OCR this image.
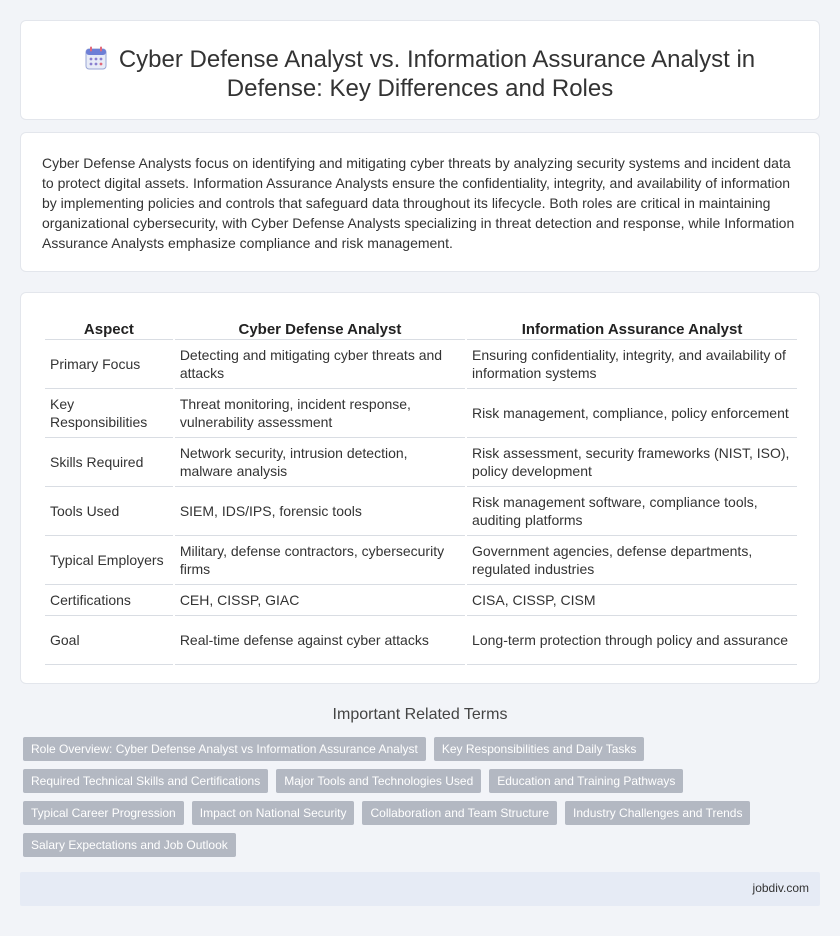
Cyber Defense Analyst vs. Information Assurance Analyst in
Defense: Key Differences and Roles

Cyber Defense Analysts focus on identifying and mitigating cyber threats by analyzing security systems and incident data to protect digital assets. Information Assurance Analysts ensure the confidentiality, integrity, and availability of information by implementing policies and controls that safeguard data throughout its lifecycle. Both roles are critical in maintaining organizational cybersecurity, with Cyber Defense Analysts specializing in threat detection and response, while Information Assurance Analysts emphasize compliance and risk management.

Aspect	Cyber Defense Analyst	Information Assurance Analyst
Primary Focus	Detecting and mitigating cyber threats and attacks	Ensuring confidentiality, integrity, and availability of information systems
Key Responsibilities	Threat monitoring, incident response, vulnerability assessment	Risk management, compliance, policy enforcement
Skills Required	Network security, intrusion detection, malware analysis	Risk assessment, security frameworks (NIST, ISO), policy development
Tools Used	SIEM, IDS/IPS, forensic tools	Risk management software, compliance tools, auditing platforms
Typical Employers	Military, defense contractors, cybersecurity firms	Government agencies, defense departments, regulated industries
Certifications	CEH, CISSP, GIAC	CISA, CISSP, CISM
Goal	Real-time defense against cyber attacks	Long-term protection through policy and assurance
Important Related Terms
Role Overview: Cyber Defense Analyst vs Information Assurance Analyst	Key Responsibilities and Daily Tasks
Required Technical Skills and Certifications	Major Tools and Technologies Used	Education and Training Pathways
Typical Career Progression	Impact on National Security	Collaboration and Team Structure	Industry Challenges and Trends
Salary Expectations and Job Outlook
jobdiv.com
